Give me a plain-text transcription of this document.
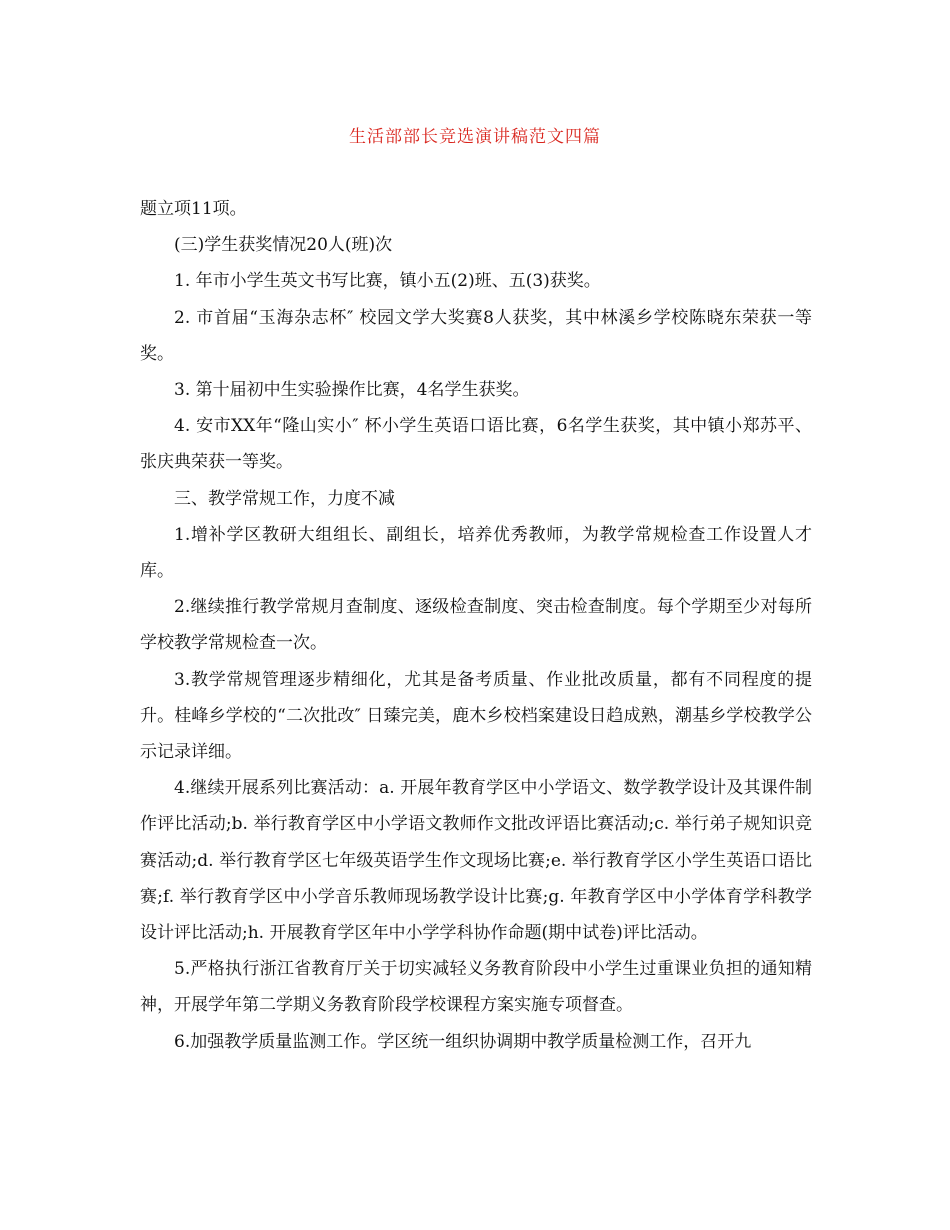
生活部部长竞选演讲稿范文四篇

题立项11项。

(三)学生获奖情况20人(班)次

1. 年市小学生英文书写比赛，镇小五(2)班、五(3)获奖。

2. 市首届“玉海杂志杯″ 校园文学大奖赛8人获奖，其中林溪乡学校陈晓东荣获一等奖。

3. 第十届初中生实验操作比赛，4名学生获奖。

4. 安市XX年“隆山实小″ 杯小学生英语口语比赛，6名学生获奖，其中镇小郑苏平、张庆典荣获一等奖。

三、教学常规工作，力度不减

1.增补学区教研大组组长、副组长，培养优秀教师，为教学常规检查工作设置人才库。

2.继续推行教学常规月查制度、逐级检查制度、突击检查制度。每个学期至少对每所学校教学常规检查一次。

3.教学常规管理逐步精细化，尤其是备考质量、作业批改质量，都有不同程度的提升。桂峰乡学校的“二次批改″ 日臻完美，鹿木乡校档案建设日趋成熟，潮基乡学校教学公示记录详细。

4.继续开展系列比赛活动：a. 开展年教育学区中小学语文、数学教学设计及其课件制作评比活动;b. 举行教育学区中小学语文教师作文批改评语比赛活动;c. 举行弟子规知识竞赛活动;d. 举行教育学区七年级英语学生作文现场比赛;e. 举行教育学区小学生英语口语比赛;f. 举行教育学区中小学音乐教师现场教学设计比赛;g. 年教育学区中小学体育学科教学设计评比活动;h. 开展教育学区年中小学学科协作命题(期中试卷)评比活动。

5.严格执行浙江省教育厅关于切实减轻义务教育阶段中小学生过重课业负担的通知精神，开展学年第二学期义务教育阶段学校课程方案实施专项督查。

6.加强教学质量监测工作。学区统一组织协调期中教学质量检测工作，召开九
